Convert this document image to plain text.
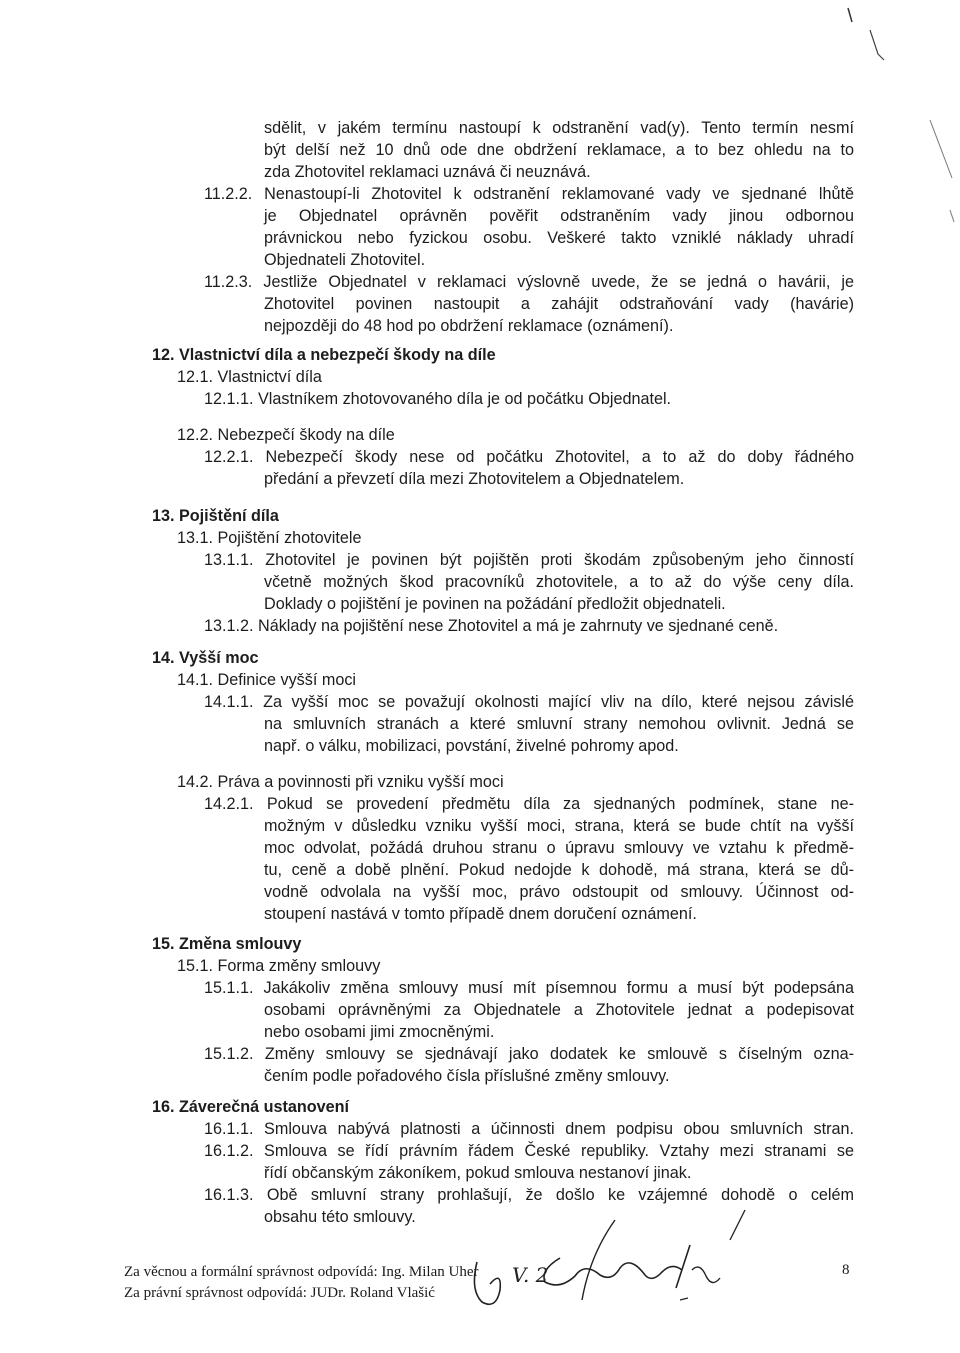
sdělit, v jakém termínu nastoupí k odstranění vad(y). Tento termín nesmí
být delší než 10 dnů ode dne obdržení reklamace, a to bez ohledu na to
zda Zhotovitel reklamaci uznává či neuznává.
11.2.2. Nenastoupí-li Zhotovitel k odstranění reklamované vady ve sjednané lhůtě
je Objednatel oprávněn pověřit odstraněním vady jinou odbornou
právnickou nebo fyzickou osobu. Veškeré takto vzniklé náklady uhradí
Objednateli Zhotovitel.
11.2.3. Jestliže Objednatel v reklamaci výslovně uvede, že se jedná o havárii, je
Zhotovitel povinen nastoupit a zahájit odstraňování vady (havárie)
nejpozději do 48 hod po obdržení reklamace (oznámení).
12. Vlastnictví díla a nebezpečí škody na díle
12.1. Vlastnictví díla
12.1.1. Vlastníkem zhotovovaného díla je od počátku Objednatel.
12.2. Nebezpečí škody na díle
12.2.1. Nebezpečí škody nese od počátku Zhotovitel, a to až do doby řádného
předání a převzetí díla mezi Zhotovitelem a Objednatelem.
13. Pojištění díla
13.1. Pojištění zhotovitele
13.1.1. Zhotovitel je povinen být pojištěn proti škodám způsobeným jeho činností
včetně možných škod pracovníků zhotovitele, a to až do výše ceny díla.
Doklady o pojištění je povinen na požádání předložit objednateli.
13.1.2. Náklady na pojištění nese Zhotovitel a má je zahrnuty ve sjednané ceně.
14. Vyšší moc
14.1. Definice vyšší moci
14.1.1. Za vyšší moc se považují okolnosti mající vliv na dílo, které nejsou závislé
na smluvních stranách a které smluvní strany nemohou ovlivnit. Jedná se
např. o válku, mobilizaci, povstání, živelné pohromy apod.
14.2. Práva a povinnosti při vzniku vyšší moci
14.2.1. Pokud se provedení předmětu díla za sjednaných podmínek, stane ne-
možným v důsledku vzniku vyšší moci, strana, která se bude chtít na vyšší
moc odvolat, požádá druhou stranu o úpravu smlouvy ve vztahu k předmě-
tu, ceně a době plnění. Pokud nedojde k dohodě, má strana, která se dů-
vodně odvolala na vyšší moc, právo odstoupit od smlouvy. Účinnost od-
stoupení nastává v tomto případě dnem doručení oznámení.
15. Změna smlouvy
15.1. Forma změny smlouvy
15.1.1. Jakákoliv změna smlouvy musí mít písemnou formu a musí být podepsána
osobami oprávněnými za Objednatele a Zhotovitele jednat a podepisovat
nebo osobami jimi zmocněnými.
15.1.2. Změny smlouvy se sjednávají jako dodatek ke smlouvě s číselným ozna-
čením podle pořadového čísla příslušné změny smlouvy.
16. Záverečná ustanovení
16.1.1. Smlouva nabývá platnosti a účinnosti dnem podpisu obou smluvních stran.
16.1.2. Smlouva se řídí právním řádem České republiky. Vztahy mezi stranami se
řídí občanským zákoníkem, pokud smlouva nestanoví jinak.
16.1.3. Obě smluvní strany prohlašují, že došlo ke vzájemné dohodě o celém
obsahu této smlouvy.
Za věcnou a formální správnost odpovídá: Ing. Milan Uher
Za právní správnost odpovídá: JUDr. Roland Vlašić
8
V. 2
